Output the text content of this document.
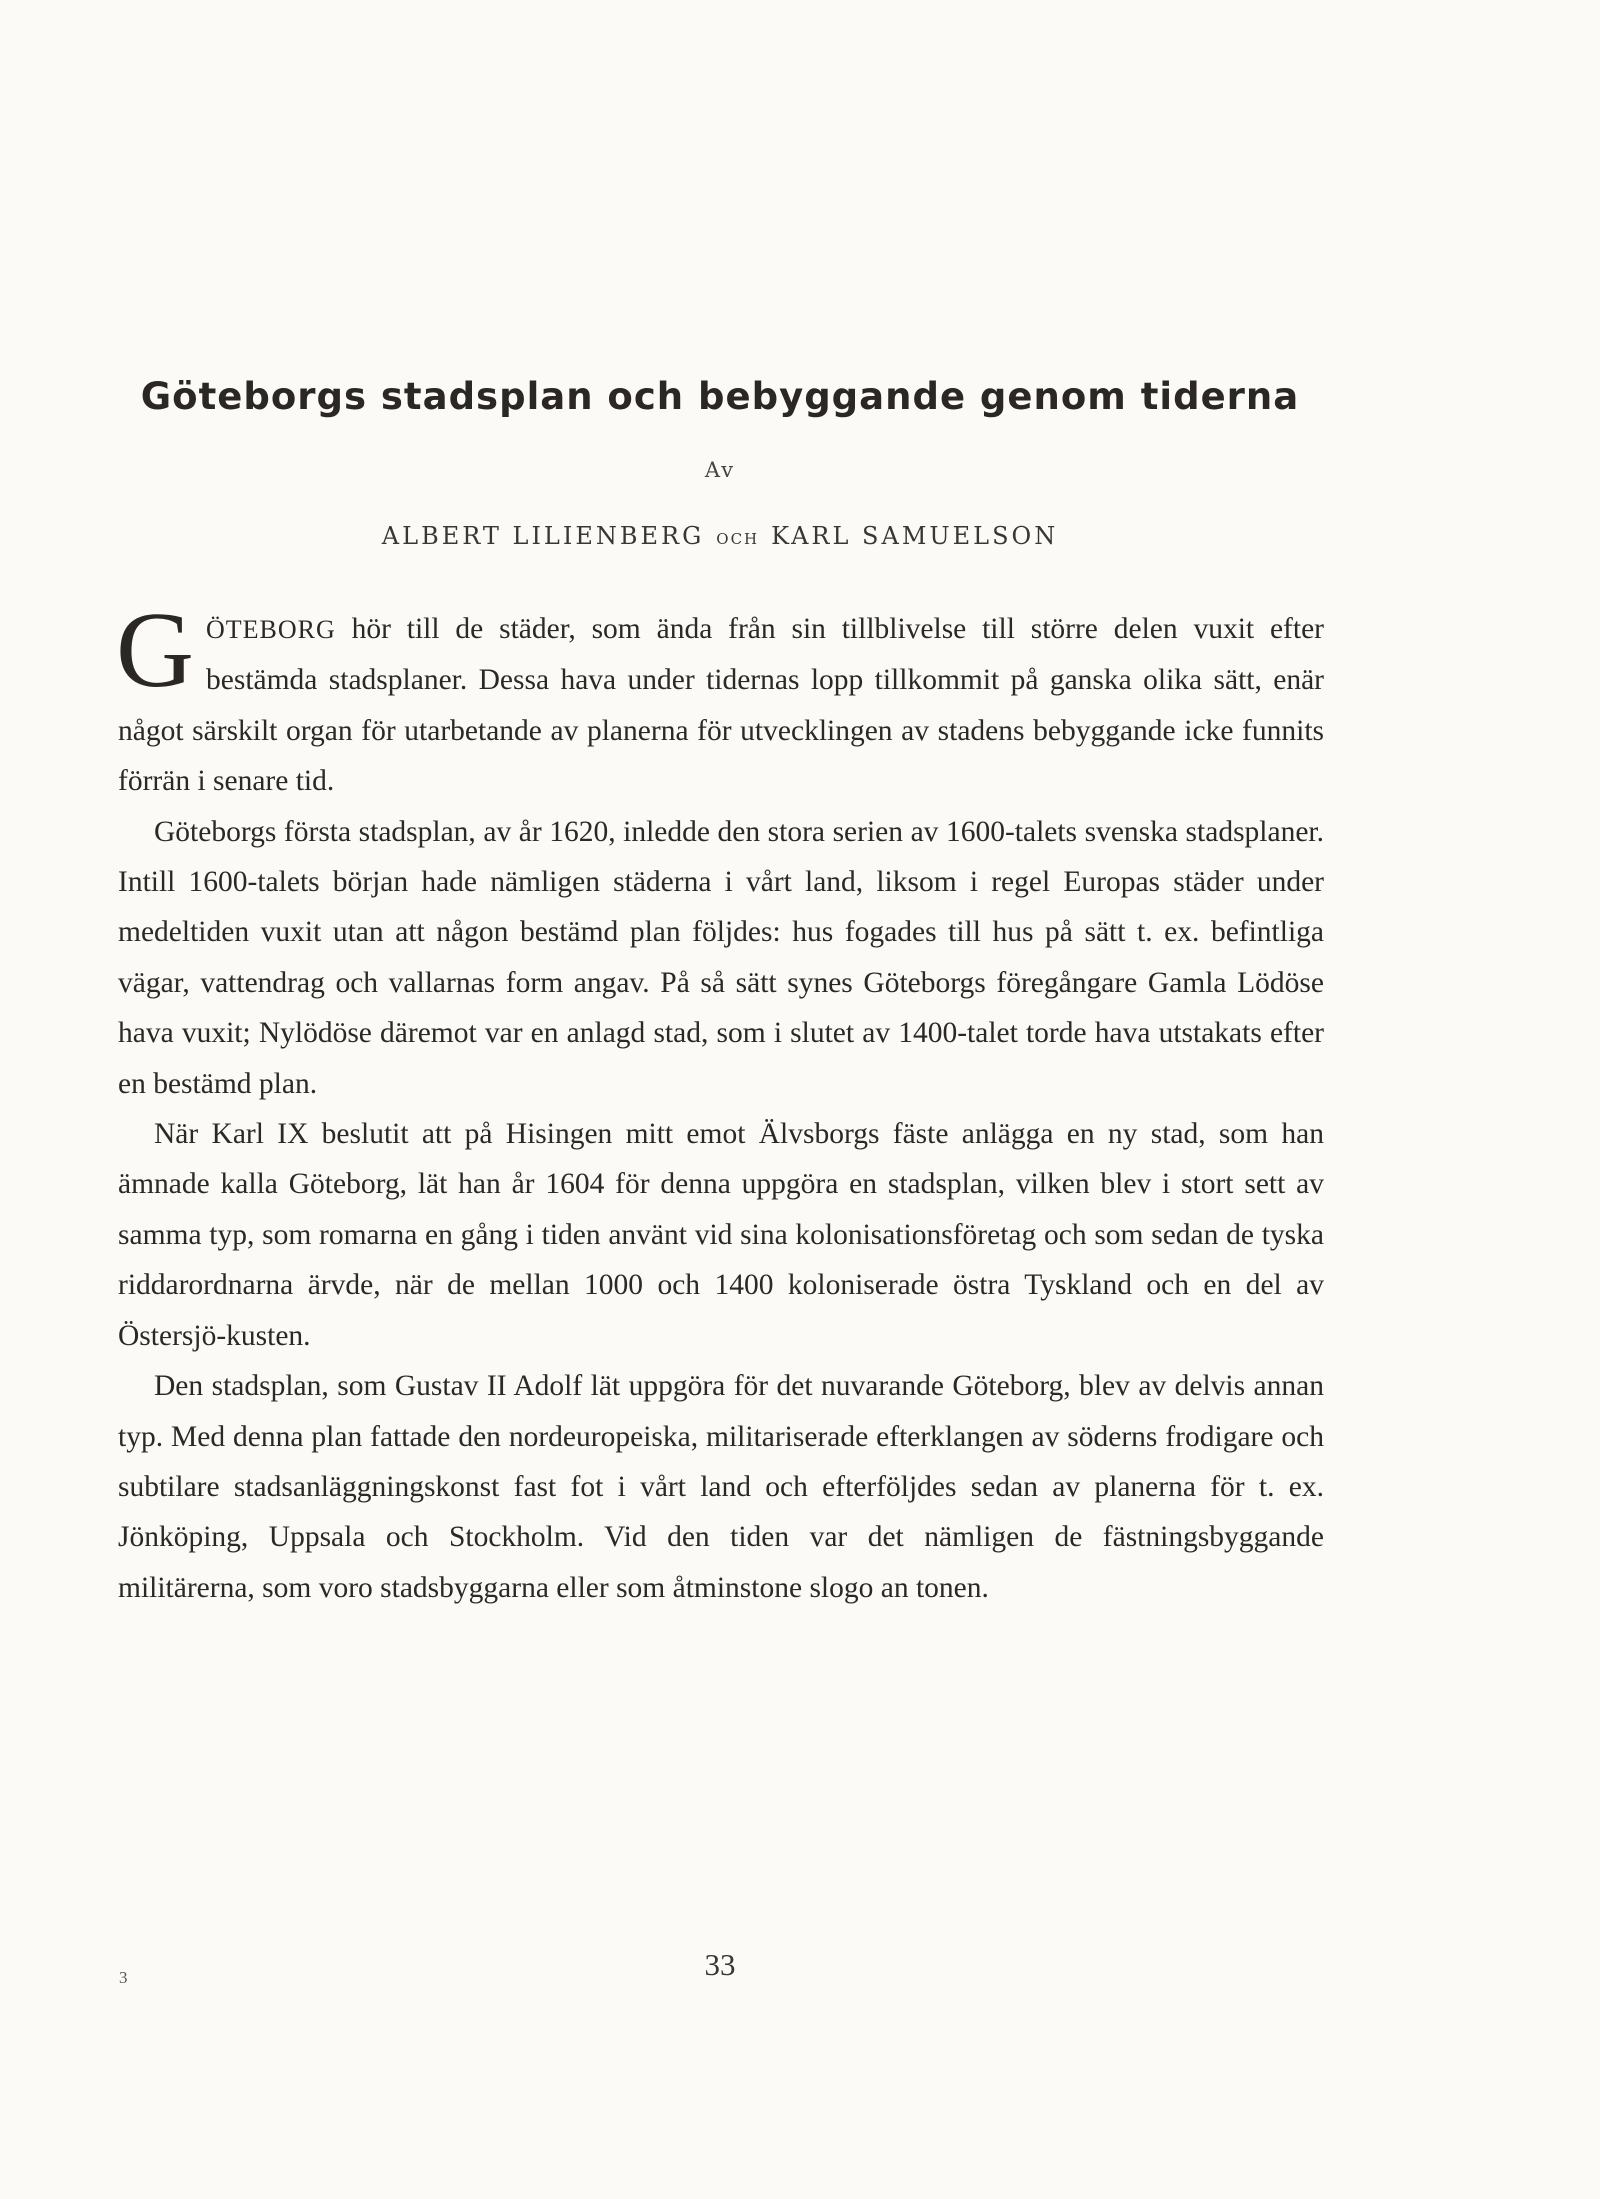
Göteborgs stadsplan och bebyggande genom tiderna
Av
ALBERT LILIENBERG OCH KARL SAMUELSON

GÖTEBORG hör till de städer, som ända från sin tillblivelse till större delen vuxit efter bestämda stadsplaner. Dessa hava under tidernas lopp tillkommit på ganska olika sätt, enär något särskilt organ för utarbetande av planerna för utvecklingen av stadens bebyggande icke funnits förrän i senare tid.

Göteborgs första stadsplan, av år 1620, inledde den stora serien av 1600-talets svenska stadsplaner. Intill 1600-talets början hade nämligen städerna i vårt land, liksom i regel Europas städer under medeltiden vuxit utan att någon bestämd plan följdes: hus fogades till hus på sätt t. ex. befintliga vägar, vattendrag och vallarnas form angav. På så sätt synes Göteborgs föregångare Gamla Lödöse hava vuxit; Nylödöse däremot var en anlagd stad, som i slutet av 1400-talet torde hava utstakats efter en bestämd plan.

När Karl IX beslutit att på Hisingen mitt emot Älvsborgs fäste anlägga en ny stad, som han ämnade kalla Göteborg, lät han år 1604 för denna uppgöra en stadsplan, vilken blev i stort sett av samma typ, som romarna en gång i tiden använt vid sina kolonisationsföretag och som sedan de tyska riddarordnarna ärvde, när de mellan 1000 och 1400 koloniserade östra Tyskland och en del av Östersjö-kusten.

Den stadsplan, som Gustav II Adolf lät uppgöra för det nuvarande Göteborg, blev av delvis annan typ. Med denna plan fattade den nordeuropeiska, militariserade efterklangen av söderns frodigare och subtilare stadsanläggningskonst fast fot i vårt land och efterföljdes sedan av planerna för t. ex. Jönköping, Uppsala och Stockholm. Vid den tiden var det nämligen de fästningsbyggande militärerna, som voro stadsbyggarna eller som åtminstone slogo an tonen.

3	33
